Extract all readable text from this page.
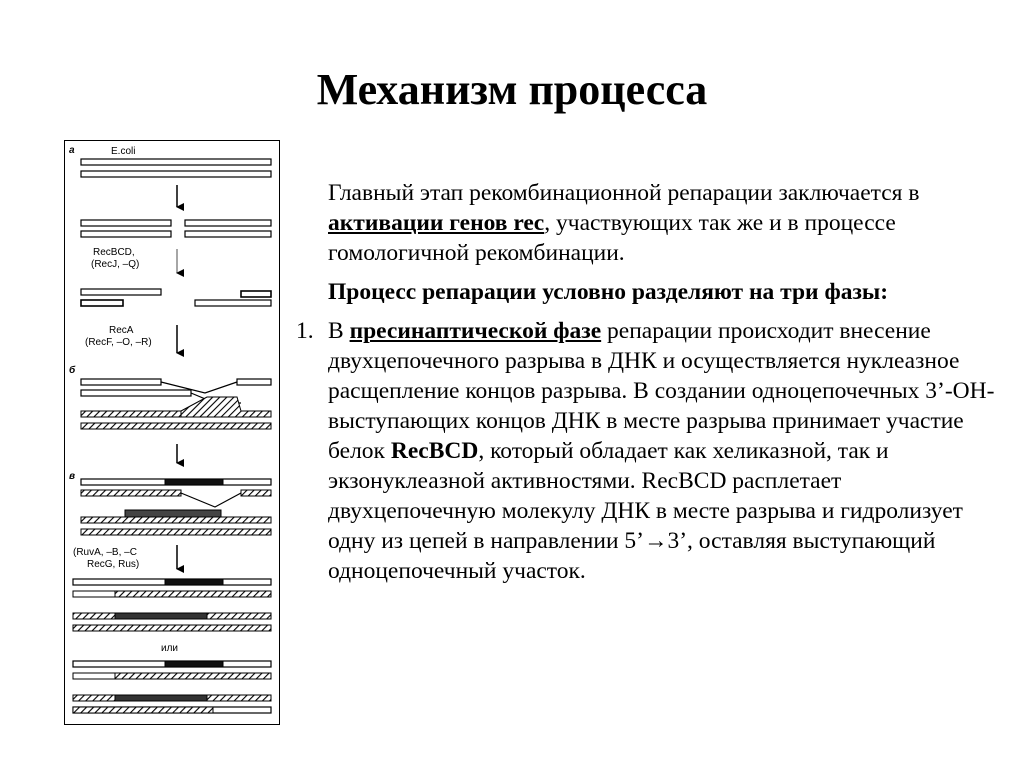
Механизм процесса
а	E.coli
RecBCD,
(RecJ, –Q)
RecA
(RecF, –O, –R)
б
в
(RuvA, –B, –C
RecG, Rus)
или

Главный этап рекомбинационной репарации заключается в активации генов rec, участвующих так же и в процессе гомологичной рекомбинации.

Процесс репарации условно разделяют на три фазы:

1. В пресинаптической фазе репарации происходит внесение двухцепочечного разрыва в ДНК и осуществляется нуклеазное расщепление концов разрыва. В создании одноцепочечных 3’-ОН-выступающих концов ДНК в месте разрыва принимает участие белок RecBCD, который обладает как хеликазной, так и экзонуклеазной активностями. RecBCD расплетает двухцепочечную молекулу ДНК в месте разрыва и гидролизует одну из цепей в направлении 5’→3’, оставляя выступающий одноцепочечный участок.
